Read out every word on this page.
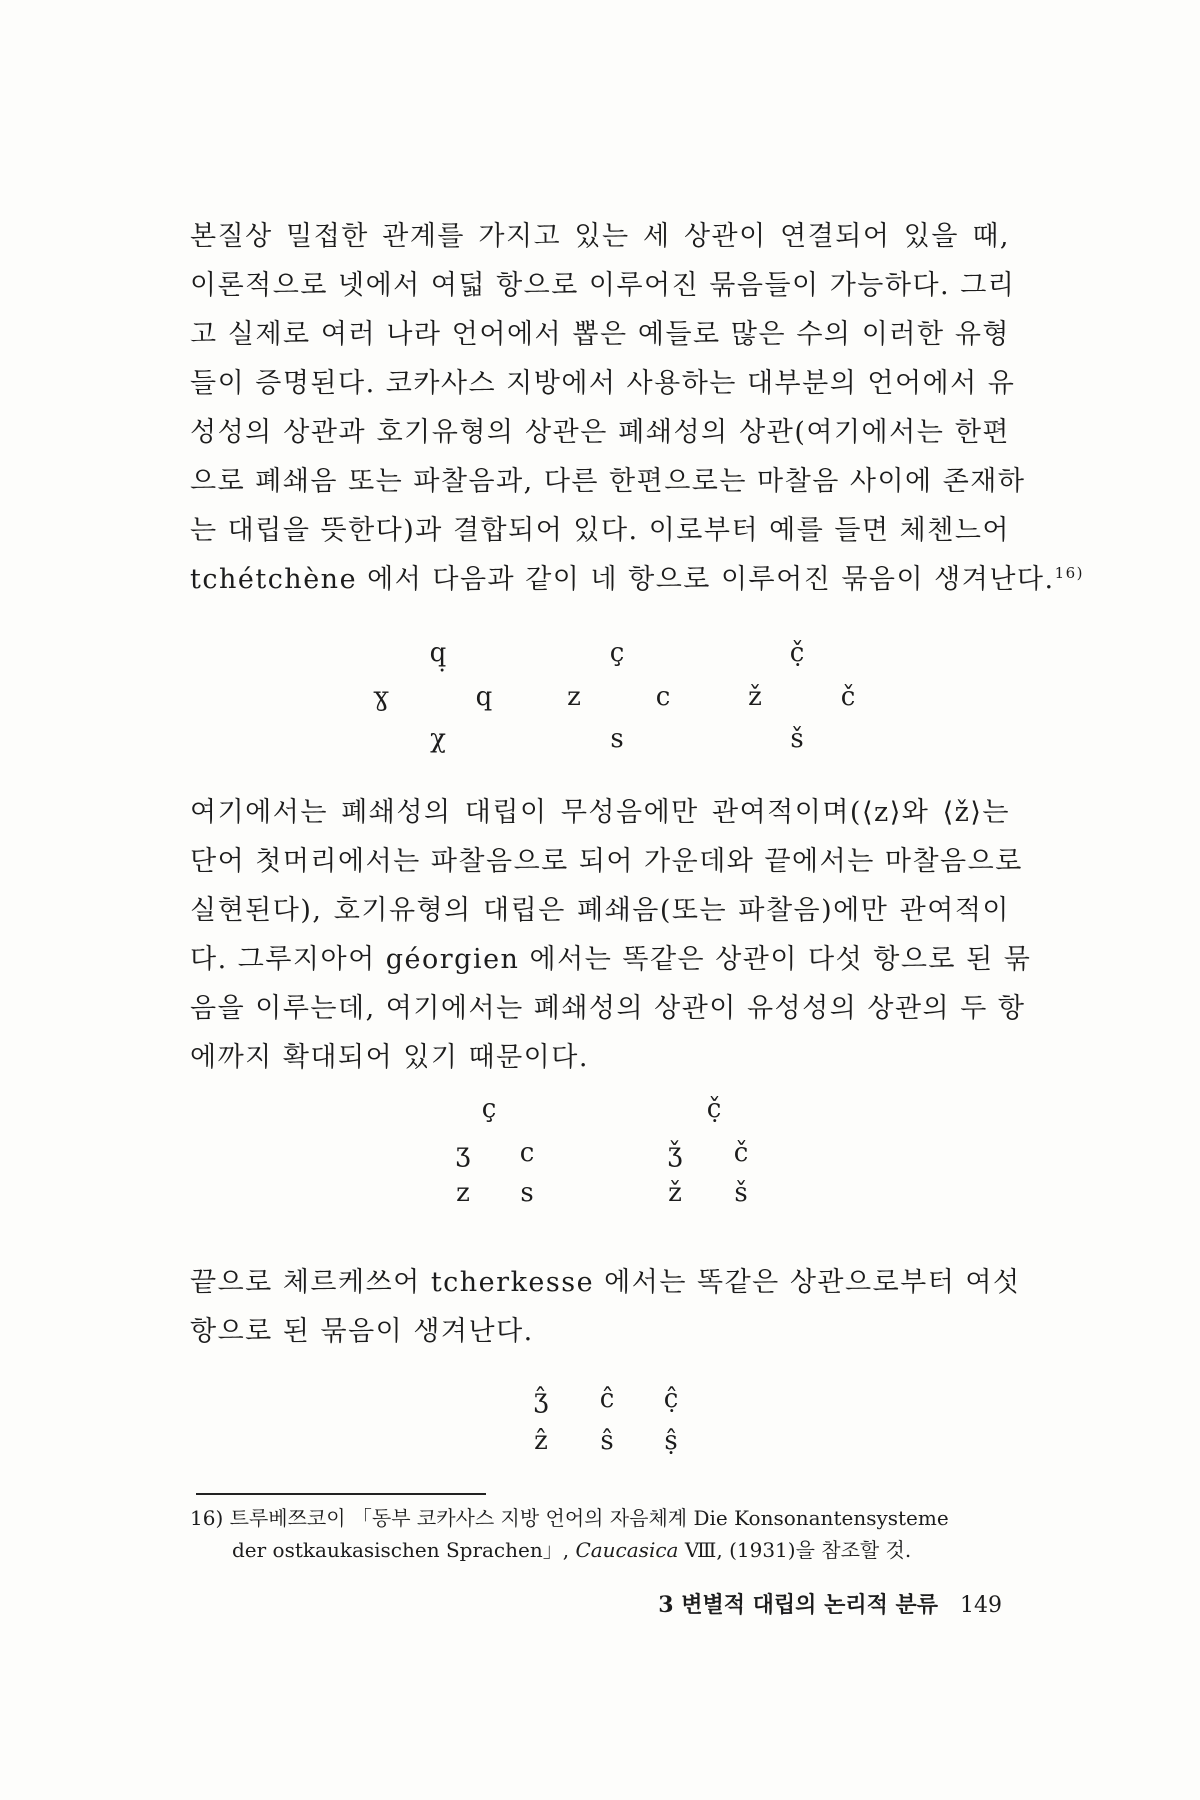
본질상 밀접한 관계를 가지고 있는 세 상관이 연결되어 있을 때,
이론적으로 넷에서 여덟 항으로 이루어진 묶음들이 가능하다. 그리
고 실제로 여러 나라 언어에서 뽑은 예들로 많은 수의 이러한 유형
들이 증명된다. 코카사스 지방에서 사용하는 대부분의 언어에서 유
성성의 상관과 호기유형의 상관은 폐쇄성의 상관(여기에서는 한편
으로 폐쇄음 또는 파찰음과, 다른 한편으로는 마찰음 사이에 존재하
는 대립을 뜻한다)과 결합되어 있다. 이로부터 예를 들면 체첸느어
tchétchène 에서 다음과 같이 네 항으로 이루어진 묶음이 생겨난다.$^{16)}$
q̣	ç	č̣
ɣ	q	z	c	ž	č
χ	s	š
여기에서는 폐쇄성의 대립이 무성음에만 관여적이며(⟨z⟩와 ⟨ž⟩는
단어 첫머리에서는 파찰음으로 되어 가운데와 끝에서는 마찰음으로
실현된다), 호기유형의 대립은 폐쇄음(또는 파찰음)에만 관여적이
다. 그루지아어 géorgien 에서는 똑같은 상관이 다섯 항으로 된 묶
음을 이루는데, 여기에서는 폐쇄성의 상관이 유성성의 상관의 두 항
에까지 확대되어 있기 때문이다.
ç	č̣
ʒ c	ǯ č
z s	ž š
끝으로 체르케쓰어 tcherkesse 에서는 똑같은 상관으로부터 여섯
항으로 된 묶음이 생겨난다.
ʒ̂ ĉ ĉ̣
ẑ ŝ ṣ̂
16) 트루베쯔코이 「동부 코카사스 지방 언어의 자음체계 Die Konsonantensysteme
der ostkaukasischen Sprachen」, Caucasica Ⅷ, (1931)을 참조할 것.
3 변별적 대립의 논리적 분류 149
